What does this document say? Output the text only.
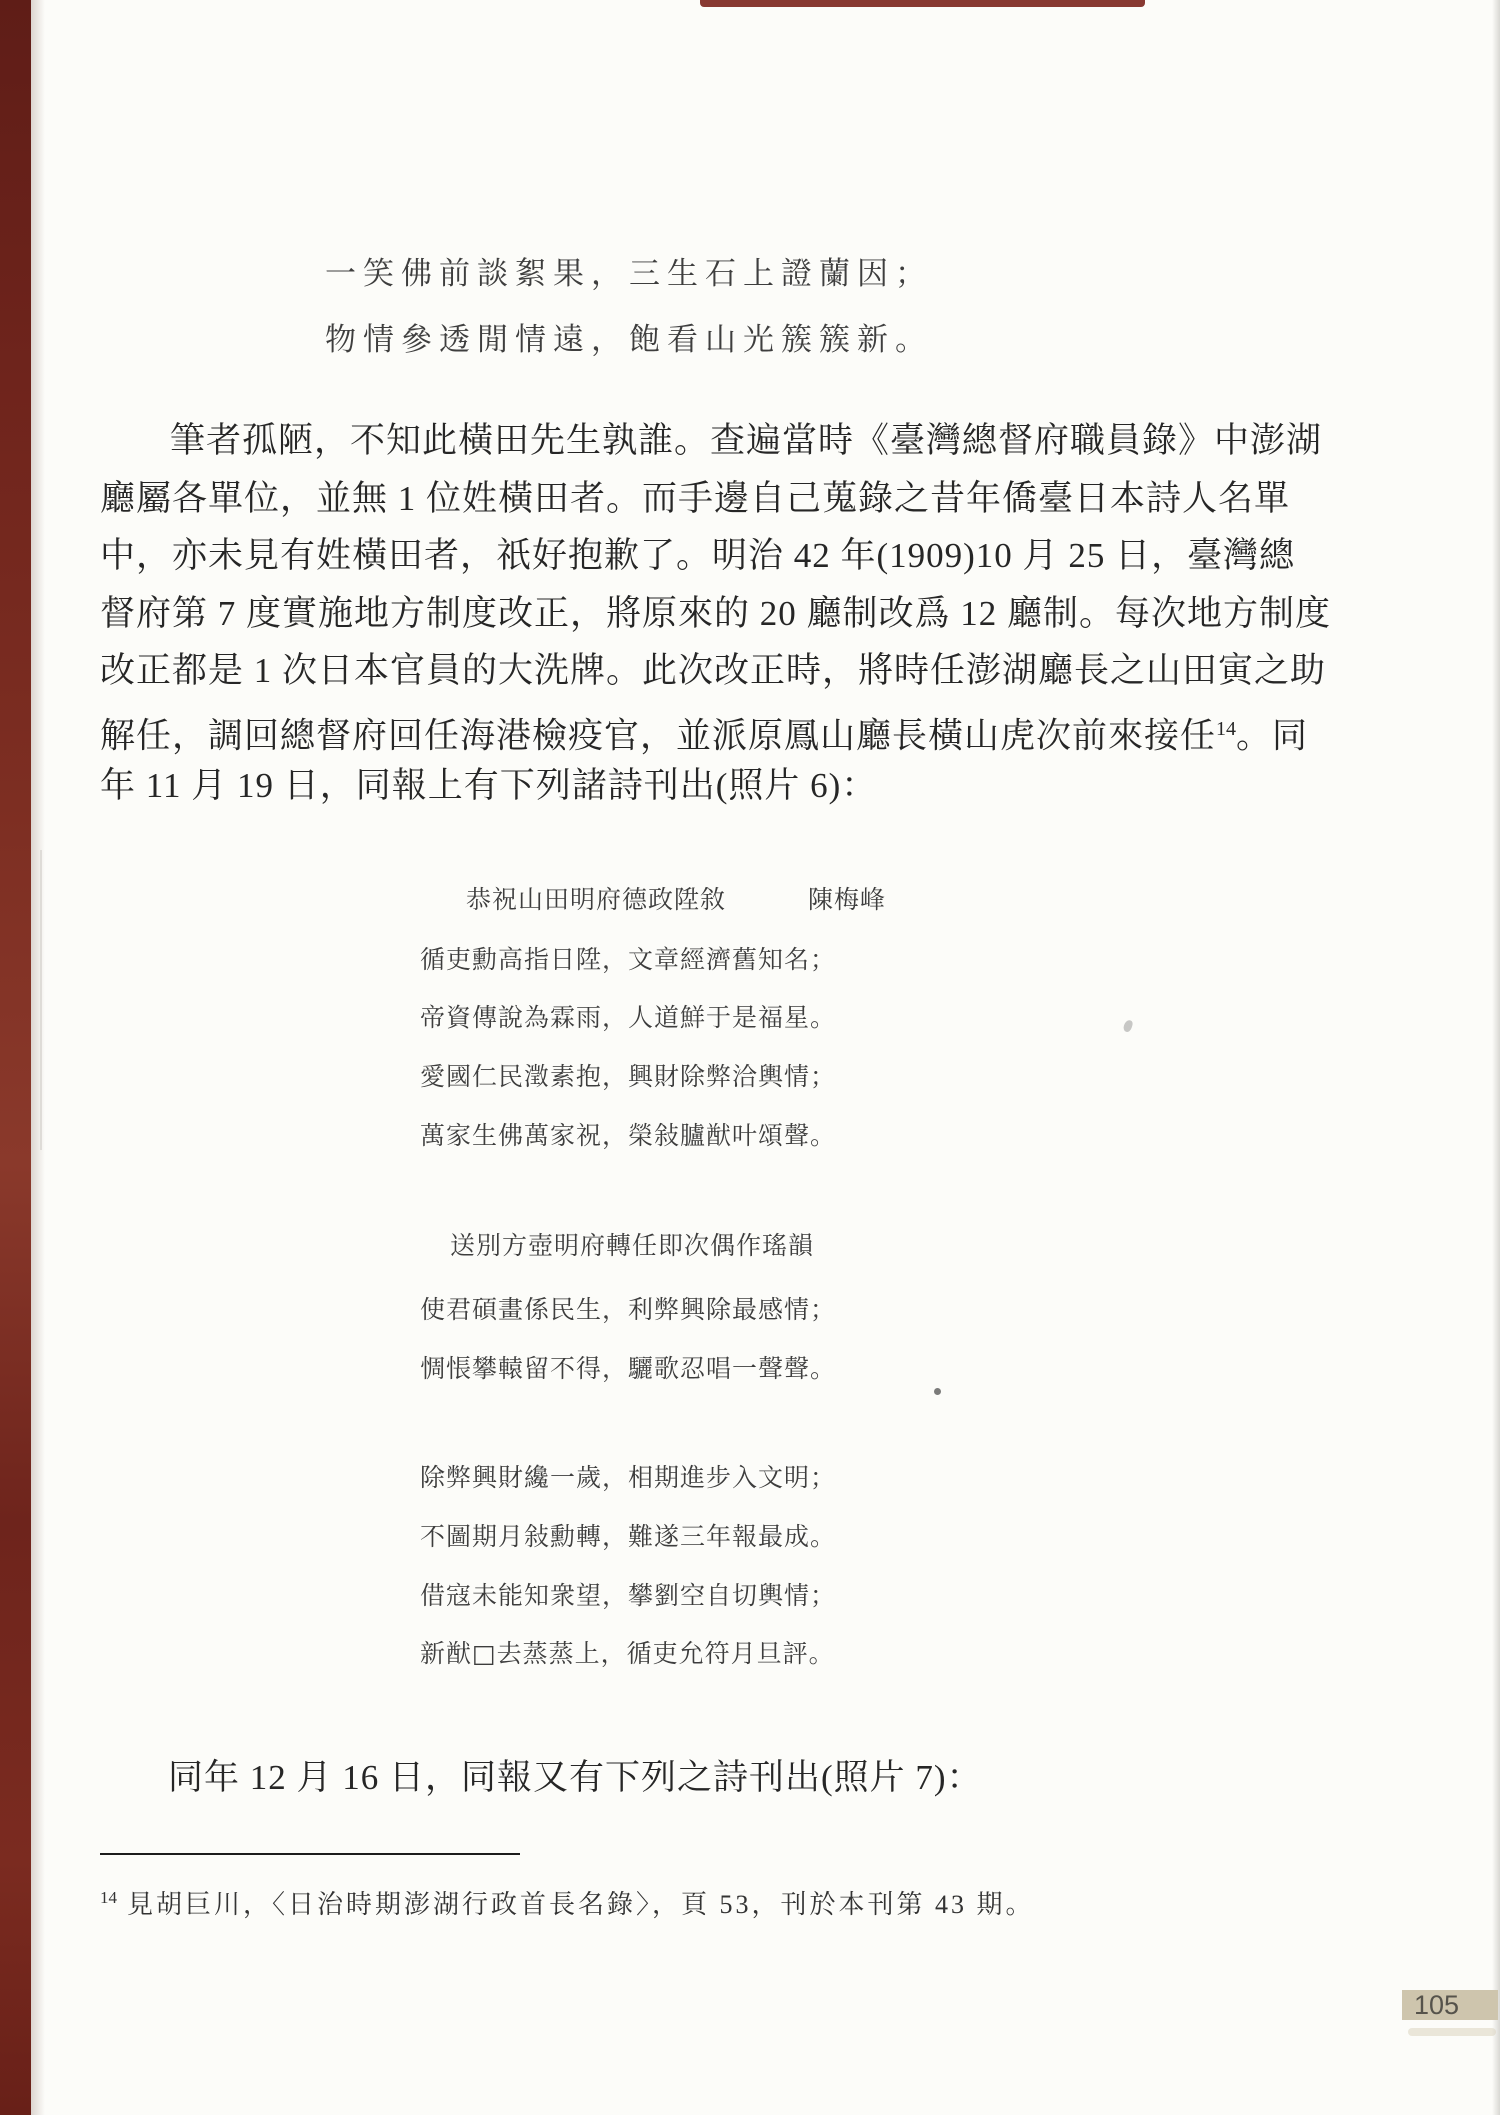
一笑佛前談絮果，三生石上證蘭因；
物情參透閒情遠，飽看山光簇簇新。
筆者孤陋，不知此橫田先生孰誰。查遍當時《臺灣總督府職員錄》中澎湖
廳屬各單位，並無 1 位姓橫田者。而手邊自己蒐錄之昔年僑臺日本詩人名單
中，亦未見有姓橫田者，祇好抱歉了。明治 42 年(1909)10 月 25 日，臺灣總
督府第 7 度實施地方制度改正，將原來的 20 廳制改爲 12 廳制。每次地方制度
改正都是 1 次日本官員的大洗牌。此次改正時，將時任澎湖廳長之山田寅之助
解任，調回總督府回任海港檢疫官，並派原鳳山廳長橫山虎次前來接任$^{14}$。同
年 11 月 19 日，同報上有下列諸詩刊出(照片 6)：
恭祝山田明府德政陞敘	陳梅峰
循吏勳高指日陞，文章經濟舊知名；
帝資傳說為霖雨，人道鮮于是福星。
愛國仁民澂素抱，興財除弊洽輿情；
萬家生佛萬家祝，榮敍臚猷叶頌聲。
送別方壺明府轉任即次偶作瑤韻
使君碩畫係民生，利弊興除最感情；
惆悵攀轅留不得，驪歌忍唱一聲聲。
除弊興財纔一歲，相期進步入文明；
不圖期月敍勳轉，難遂三年報最成。
借寇未能知衆望，攀劉空自切輿情；
新猷□去蒸蒸上，循吏允符月旦評。
同年 12 月 16 日，同報又有下列之詩刊出(照片 7)：
$^{14}$ 見胡巨川，〈日治時期澎湖行政首長名錄〉，頁 53，刊於本刊第 43 期。
105
